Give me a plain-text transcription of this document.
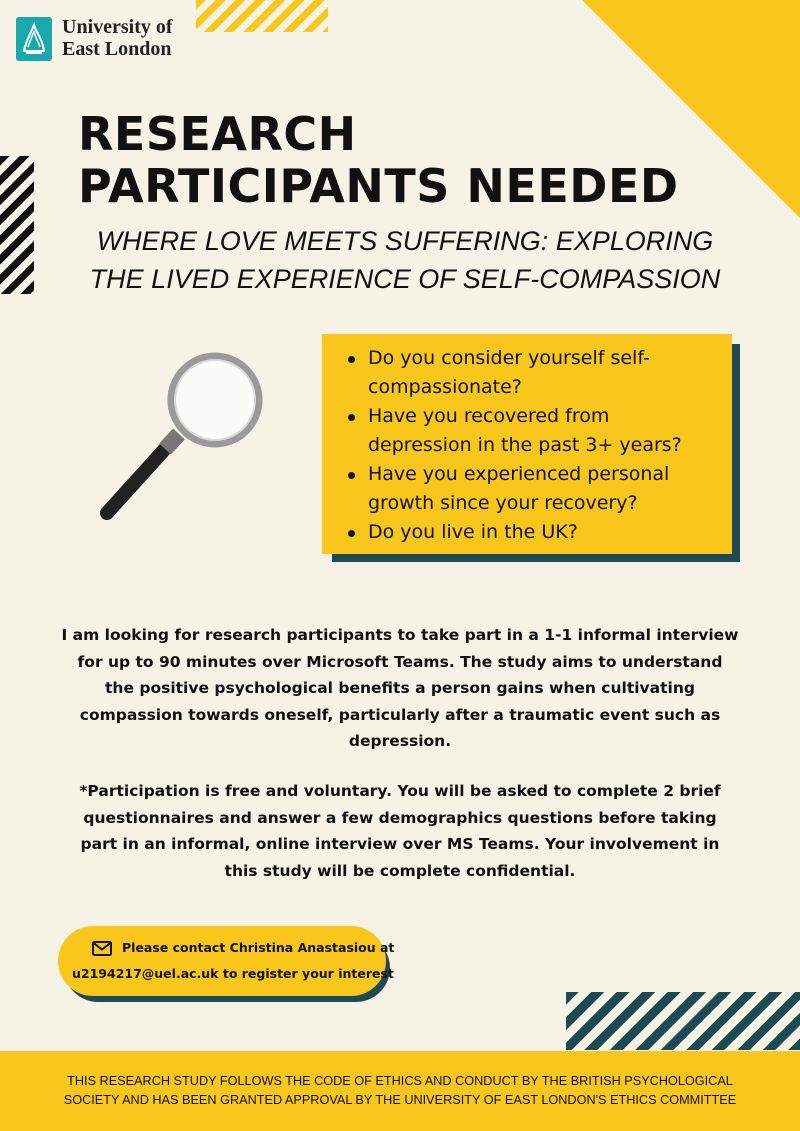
University of
East London
RESEARCH
PARTICIPANTS NEEDED
WHERE LOVE MEETS SUFFERING: EXPLORING
THE LIVED EXPERIENCE OF SELF-COMPASSION
Do you consider yourself self-
compassionate?
Have you recovered from
depression in the past 3+ years?
Have you experienced personal
growth since your recovery?
Do you live in the UK?
I am looking for research participants to take part in a 1-1 informal interview
for up to 90 minutes over Microsoft Teams. The study aims to understand
the positive psychological benefits a person gains when cultivating
compassion towards oneself, particularly after a traumatic event such as
depression.
*Participation is free and voluntary. You will be asked to complete 2 brief
questionnaires and answer a few demographics questions before taking
part in an informal, online interview over MS Teams. Your involvement in
this study will be complete confidential.
Please contact Christina Anastasiou at
u2194217@uel.ac.uk to register your interest
THIS RESEARCH STUDY FOLLOWS THE CODE OF ETHICS AND CONDUCT BY THE BRITISH PSYCHOLOGICAL
SOCIETY AND HAS BEEN GRANTED APPROVAL BY THE UNIVERSITY OF EAST LONDON'S ETHICS COMMITTEE
